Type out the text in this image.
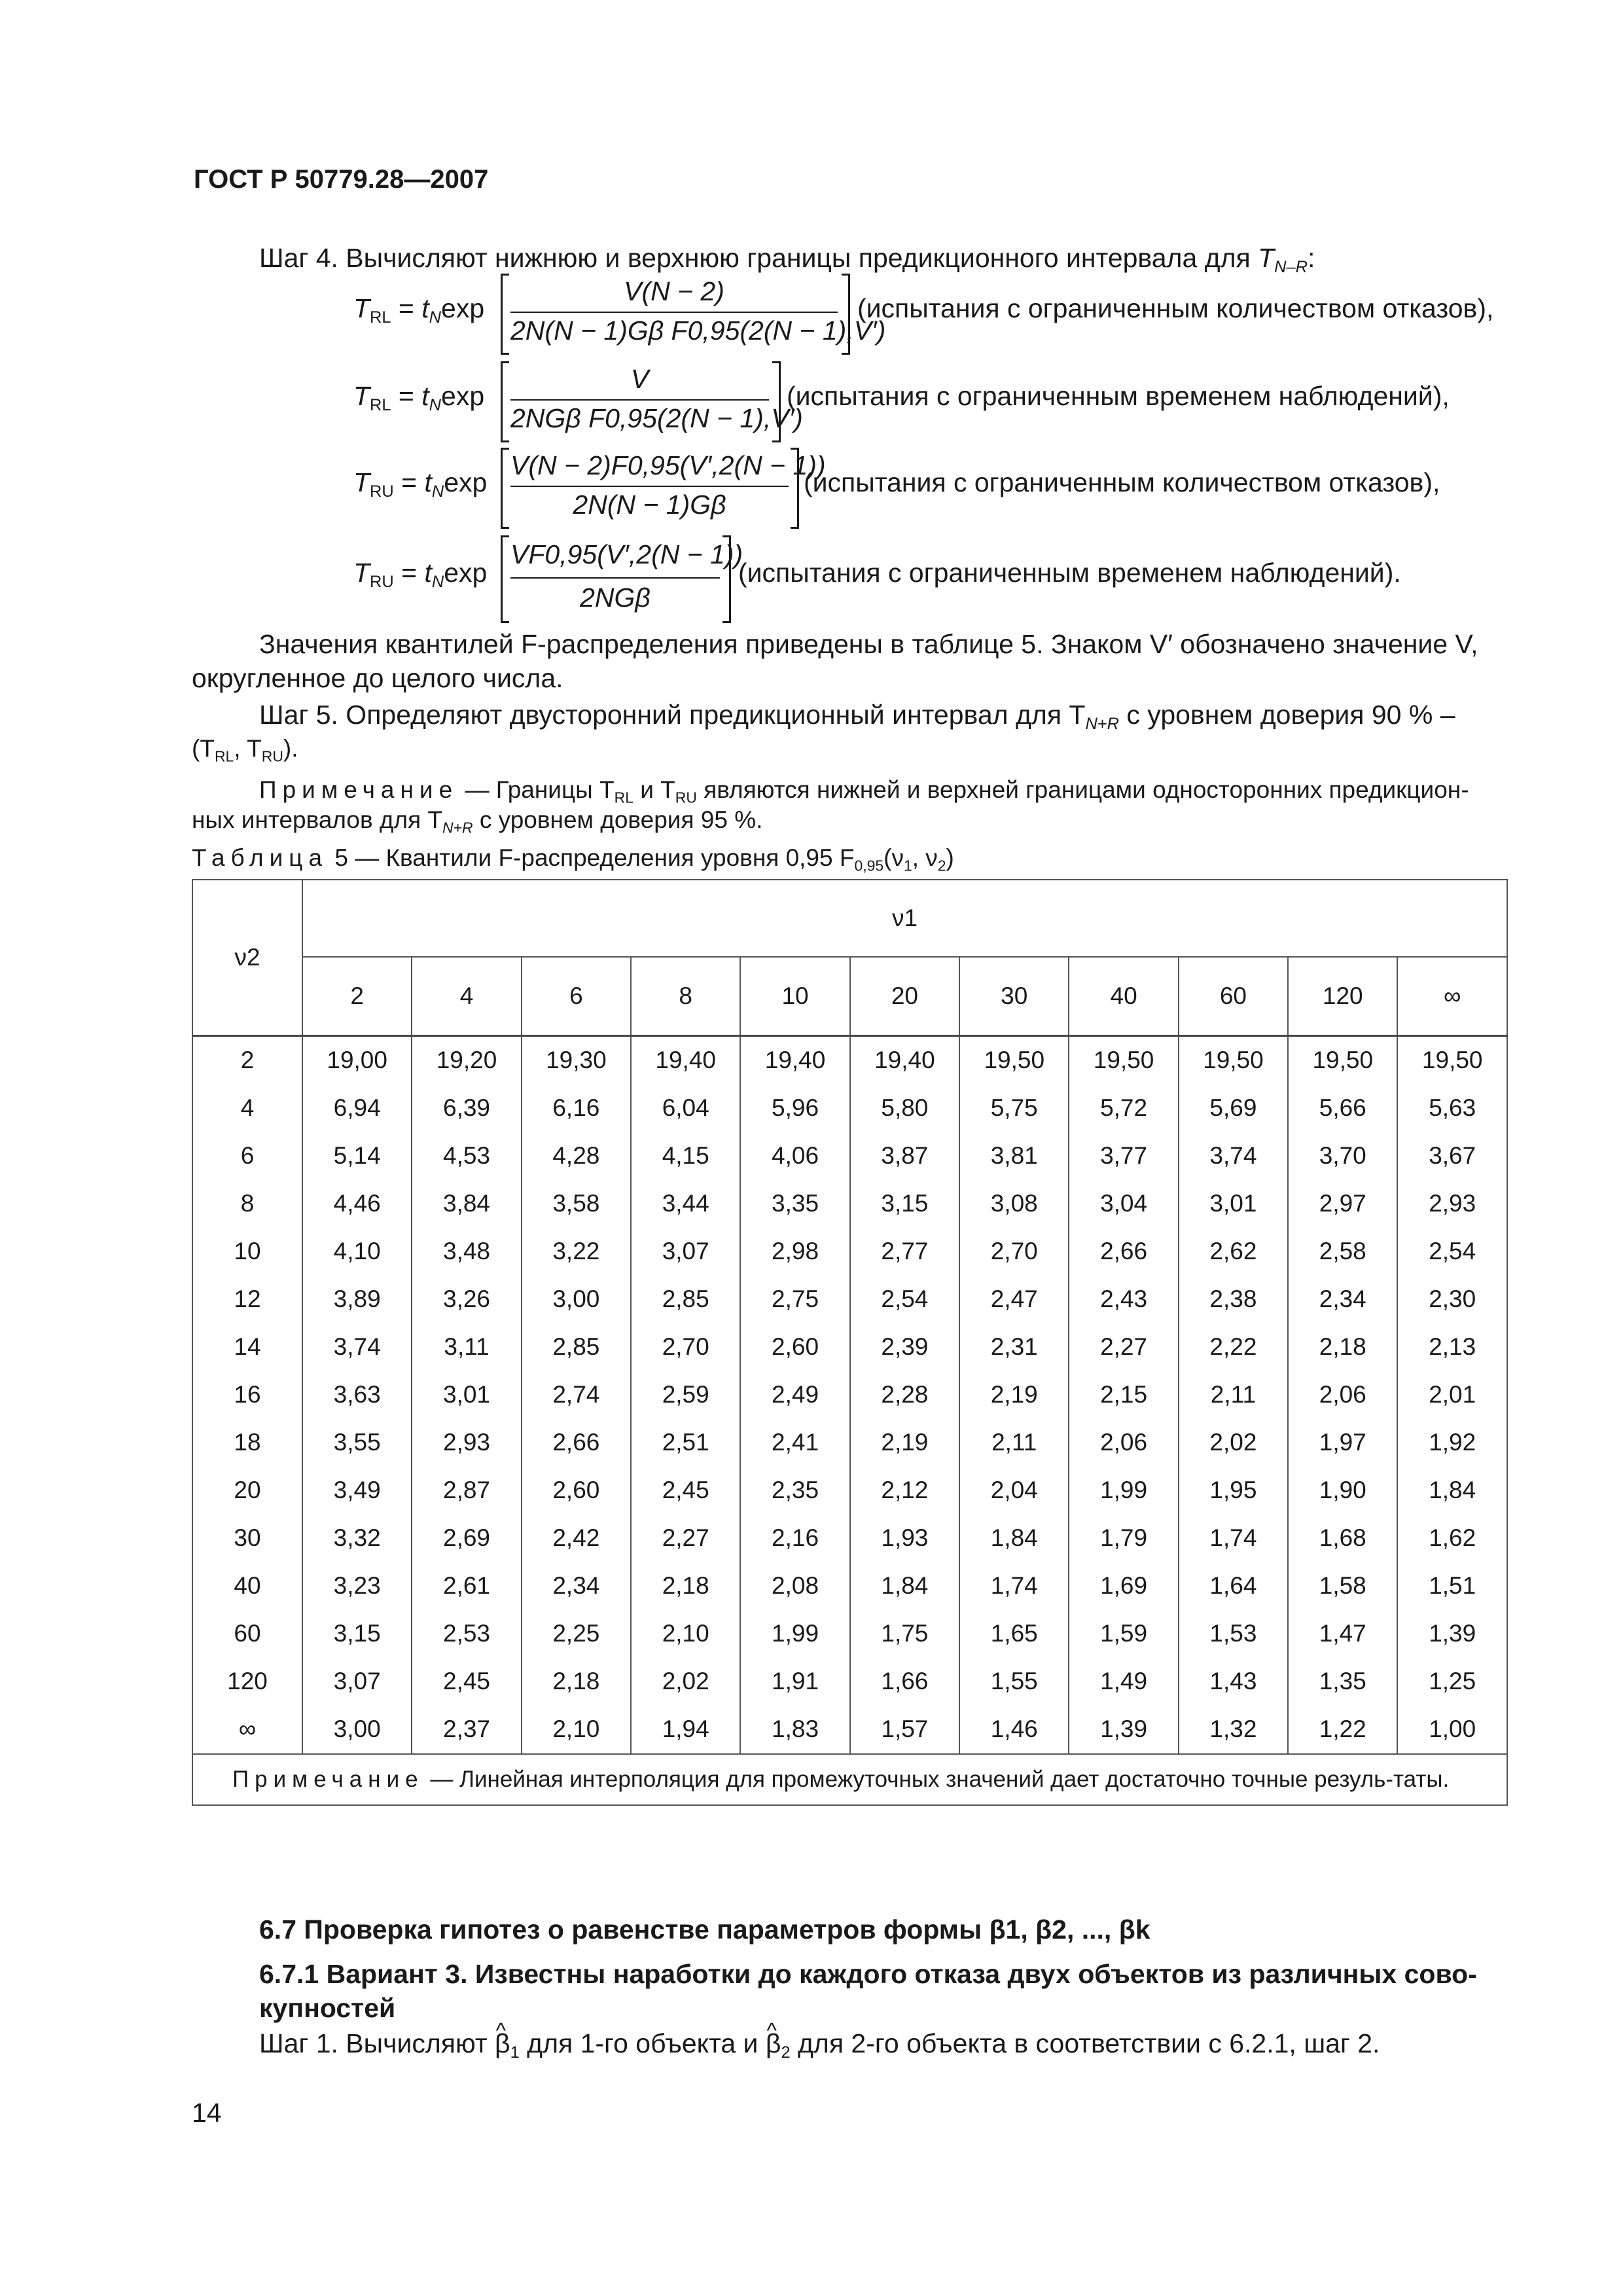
ГОСТ Р 50779.28—2007
Шаг 4. Вычисляют нижнюю и верхнюю границы предикционного интервала для $T_{N-R}$:
$T_{RL} = t_N\exp$
V(N − 2)
2N(N − 1)Gβ F0,95(2(N − 1),V′)
(испытания с ограниченным количеством отказов),
$T_{RL} = t_N\exp$
V
2NGβ F0,95(2(N − 1),V′)
(испытания с ограниченным временем наблюдений),
$T_{RU} = t_N\exp$
V(N − 2)F0,95(V′,2(N − 1))
2N(N − 1)Gβ
(испытания с ограниченным количеством отказов),
$T_{RU} = t_N\exp$
VF0,95(V′,2(N − 1))
2NGβ
(испытания с ограниченным временем наблюдений).
Значения квантилей F-распределения приведены в таблице 5. Знаком V′ обозначено значение V,
округленное до целого числа.
Шаг 5. Определяют двусторонний предикционный интервал для $T_{N+R}$ с уровнем доверия 90 % –
($T_{RL}$, $T_{RU}$).
Примечание — Границы $T_{RL}$ и $T_{RU}$ являются нижней и верхней границами односторонних предикцион-
ных интервалов для $T_{N+R}$ с уровнем доверия 95 %.
Таблица 5 — Квантили F-распределения уровня 0,95 $F_{0,95}(\nu_1$, $\nu_2$)
ν2	ν1										
	2	4	6	8	10	20	30	40	60	120	∞
2	19,00	19,20	19,30	19,40	19,40	19,40	19,50	19,50	19,50	19,50	19,50
4	6,94	6,39	6,16	6,04	5,96	5,80	5,75	5,72	5,69	5,66	5,63
6	5,14	4,53	4,28	4,15	4,06	3,87	3,81	3,77	3,74	3,70	3,67
8	4,46	3,84	3,58	3,44	3,35	3,15	3,08	3,04	3,01	2,97	2,93
10	4,10	3,48	3,22	3,07	2,98	2,77	2,70	2,66	2,62	2,58	2,54
12	3,89	3,26	3,00	2,85	2,75	2,54	2,47	2,43	2,38	2,34	2,30
14	3,74	3,11	2,85	2,70	2,60	2,39	2,31	2,27	2,22	2,18	2,13
16	3,63	3,01	2,74	2,59	2,49	2,28	2,19	2,15	2,11	2,06	2,01
18	3,55	2,93	2,66	2,51	2,41	2,19	2,11	2,06	2,02	1,97	1,92
20	3,49	2,87	2,60	2,45	2,35	2,12	2,04	1,99	1,95	1,90	1,84
30	3,32	2,69	2,42	2,27	2,16	1,93	1,84	1,79	1,74	1,68	1,62
40	3,23	2,61	2,34	2,18	2,08	1,84	1,74	1,69	1,64	1,58	1,51
60	3,15	2,53	2,25	2,10	1,99	1,75	1,65	1,59	1,53	1,47	1,39
120	3,07	2,45	2,18	2,02	1,91	1,66	1,55	1,49	1,43	1,35	1,25
∞	3,00	2,37	2,10	1,94	1,83	1,57	1,46	1,39	1,32	1,22	1,00
Примечание — Линейная интерполяция для промежуточных значений дает достаточно точные резуль-таты.											
6.7 Проверка гипотез о равенстве параметров формы β1, β2, ..., βk
6.7.1 Вариант 3. Известны наработки до каждого отказа двух объектов из различных сово-купностей
Шаг 1. Вычисляют ^ $\beta_1$ для 1-го объекта и ^ $\beta_2$ для 2-го объекта в соответствии с 6.2.1, шаг 2.
14
